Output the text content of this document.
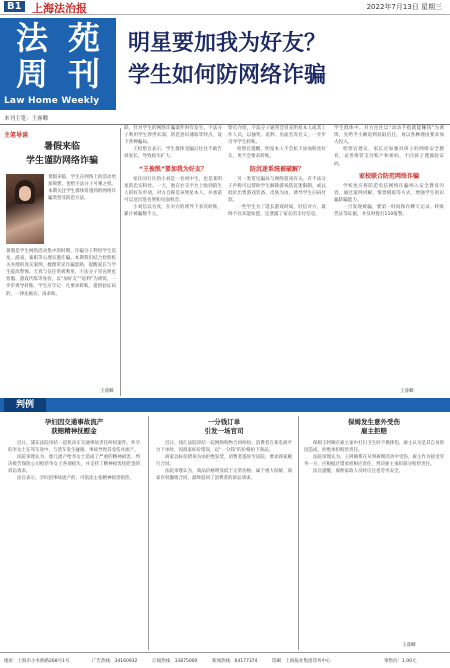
B1 上海法治报	2022年7月13日 星期三
法 苑
周 刊
Law Home Weekly
本刊主笔：王睿卿
明星要加我为好友？
学生如何防网络诈骗
主笔导读
暑假来临
学生谨防网络诈骗
暑假来临，学生在网络上的活动更加频繁，也给不法分子可乘之机。本期关注学生群体常遇到的网络诈骗类型及防范方法。
暑假是学生网络活动集中的时期，诈骗分子利用学生追星、游戏、兼职等心理实施诈骗。本期我们结合检察机关办理的真实案例，梳理常见诈骗套路，提醒家长与学生提高警惕。天真与信任常被利用，不法分子冒充明星客服、游戏代练等身份，以“加好友”“返利”为诱饵，一步步诱导转账。学生应牢记：凡要求转账、提供验证码的，一律先核实、再求助。
王睿卿

跃，针对学生的网络诈骗案件时有发生。不法分子利用学生涉世未深、防范意识薄弱等特点，设下各种骗局。

王检察官表示，学生群体受骗后往往不敢告诉家长，导致损失扩大。

“王俊凯”要加我为好友？

家住闵行区的小刘是一名初中生，也是某明星的忠实粉丝。一天，他在社交平台上收到陌生人的好友申请，对方自称是该明星本人，并承诺可以送出签名照和见面机会。

小刘信以为真，在对方的诱导下多次转账，累计被骗数千元。

察官介绍，不法分子通常会冒充明星本人或其工作人员，以抽奖、返利、见面会等名义，一步步引导学生转账。

检察官提醒，明星本人不会私下添加粉丝好友，更不会要求转账。

防沉迷系统被破解？

另一类常见骗局与网络游戏有关。有不法分子声称可以帮助学生解除游戏防沉迷限制，或以低价出售游戏装备、皮肤为由，诱导学生扫码付款。

一些学生为了延长游戏时间，轻信对方，最终不仅未能如愿，还泄露了家长的支付信息。

学生群体中。对方往往以“动动手指就能赚钱”为诱饵，先给予小额返利获取信任，再以各种理由要求加大投入。

检察官建议，家长应加强对孩子的网络安全教育，妥善保管支付账户和密码，不向孩子透露验证码。

家校联合防范网络诈骗

学校也应将防范电信网络诈骗纳入安全教育内容，通过案例讲解、情景模拟等方式，增强学生的识骗防骗能力。

一旦发现被骗，要第一时间保存聊天记录、转账凭证等证据，并及时拨打110报警。

王睿卿
判例
孕妇因交通事故流产
获赔精神抚慰金

近日，浦东法院审结一起机动车交通事故责任纠纷案件。怀孕的李女士在驾车途中，与货车发生碰撞，事故导致其受伤并流产。

法院审理认为，胎儿流产给李女士造成了严重的精神损害，判决被告保险公司赔偿李女士各项损失，并支持了精神损害抚慰金的诉讼请求。

法官表示，孕妇因事故流产的，可依法主张精神损害赔偿。

一分钱订单
引发一场官司

近日，徐汇法院审结一起网络购物合同纠纷。消费者在某电商平台下单时，因商家标价错误，以“一分钱”的价格拍下商品。

商家以标价错误为由拒绝发货，消费者遂诉至法院，要求商家履行合同。

法院审理认为，商品价格明显低于正常价格，属于重大误解，商家有权撤销合同，最终驳回了消费者的诉讼请求。

保姆发生意外受伤
雇主拒赔

保姆王阿姨在雇主家中打扫卫生时不慎摔伤，雇主认为是其自身原因造成，拒绝承担赔偿责任。

法院审理认为，王阿姨系在从事雇佣活动中受伤，雇主作为接受劳务一方，应根据过错承担相应责任，判决雇主承担部分赔偿责任。

法官提醒，雇佣家政人员时应注意劳务安全。

王睿卿
地址：上海市小木桥路268号1号	广告热线：34160932	订阅热线：33875000	新闻热线：64177374	印刷：上海报业集团印务中心	零售价：1.00元
